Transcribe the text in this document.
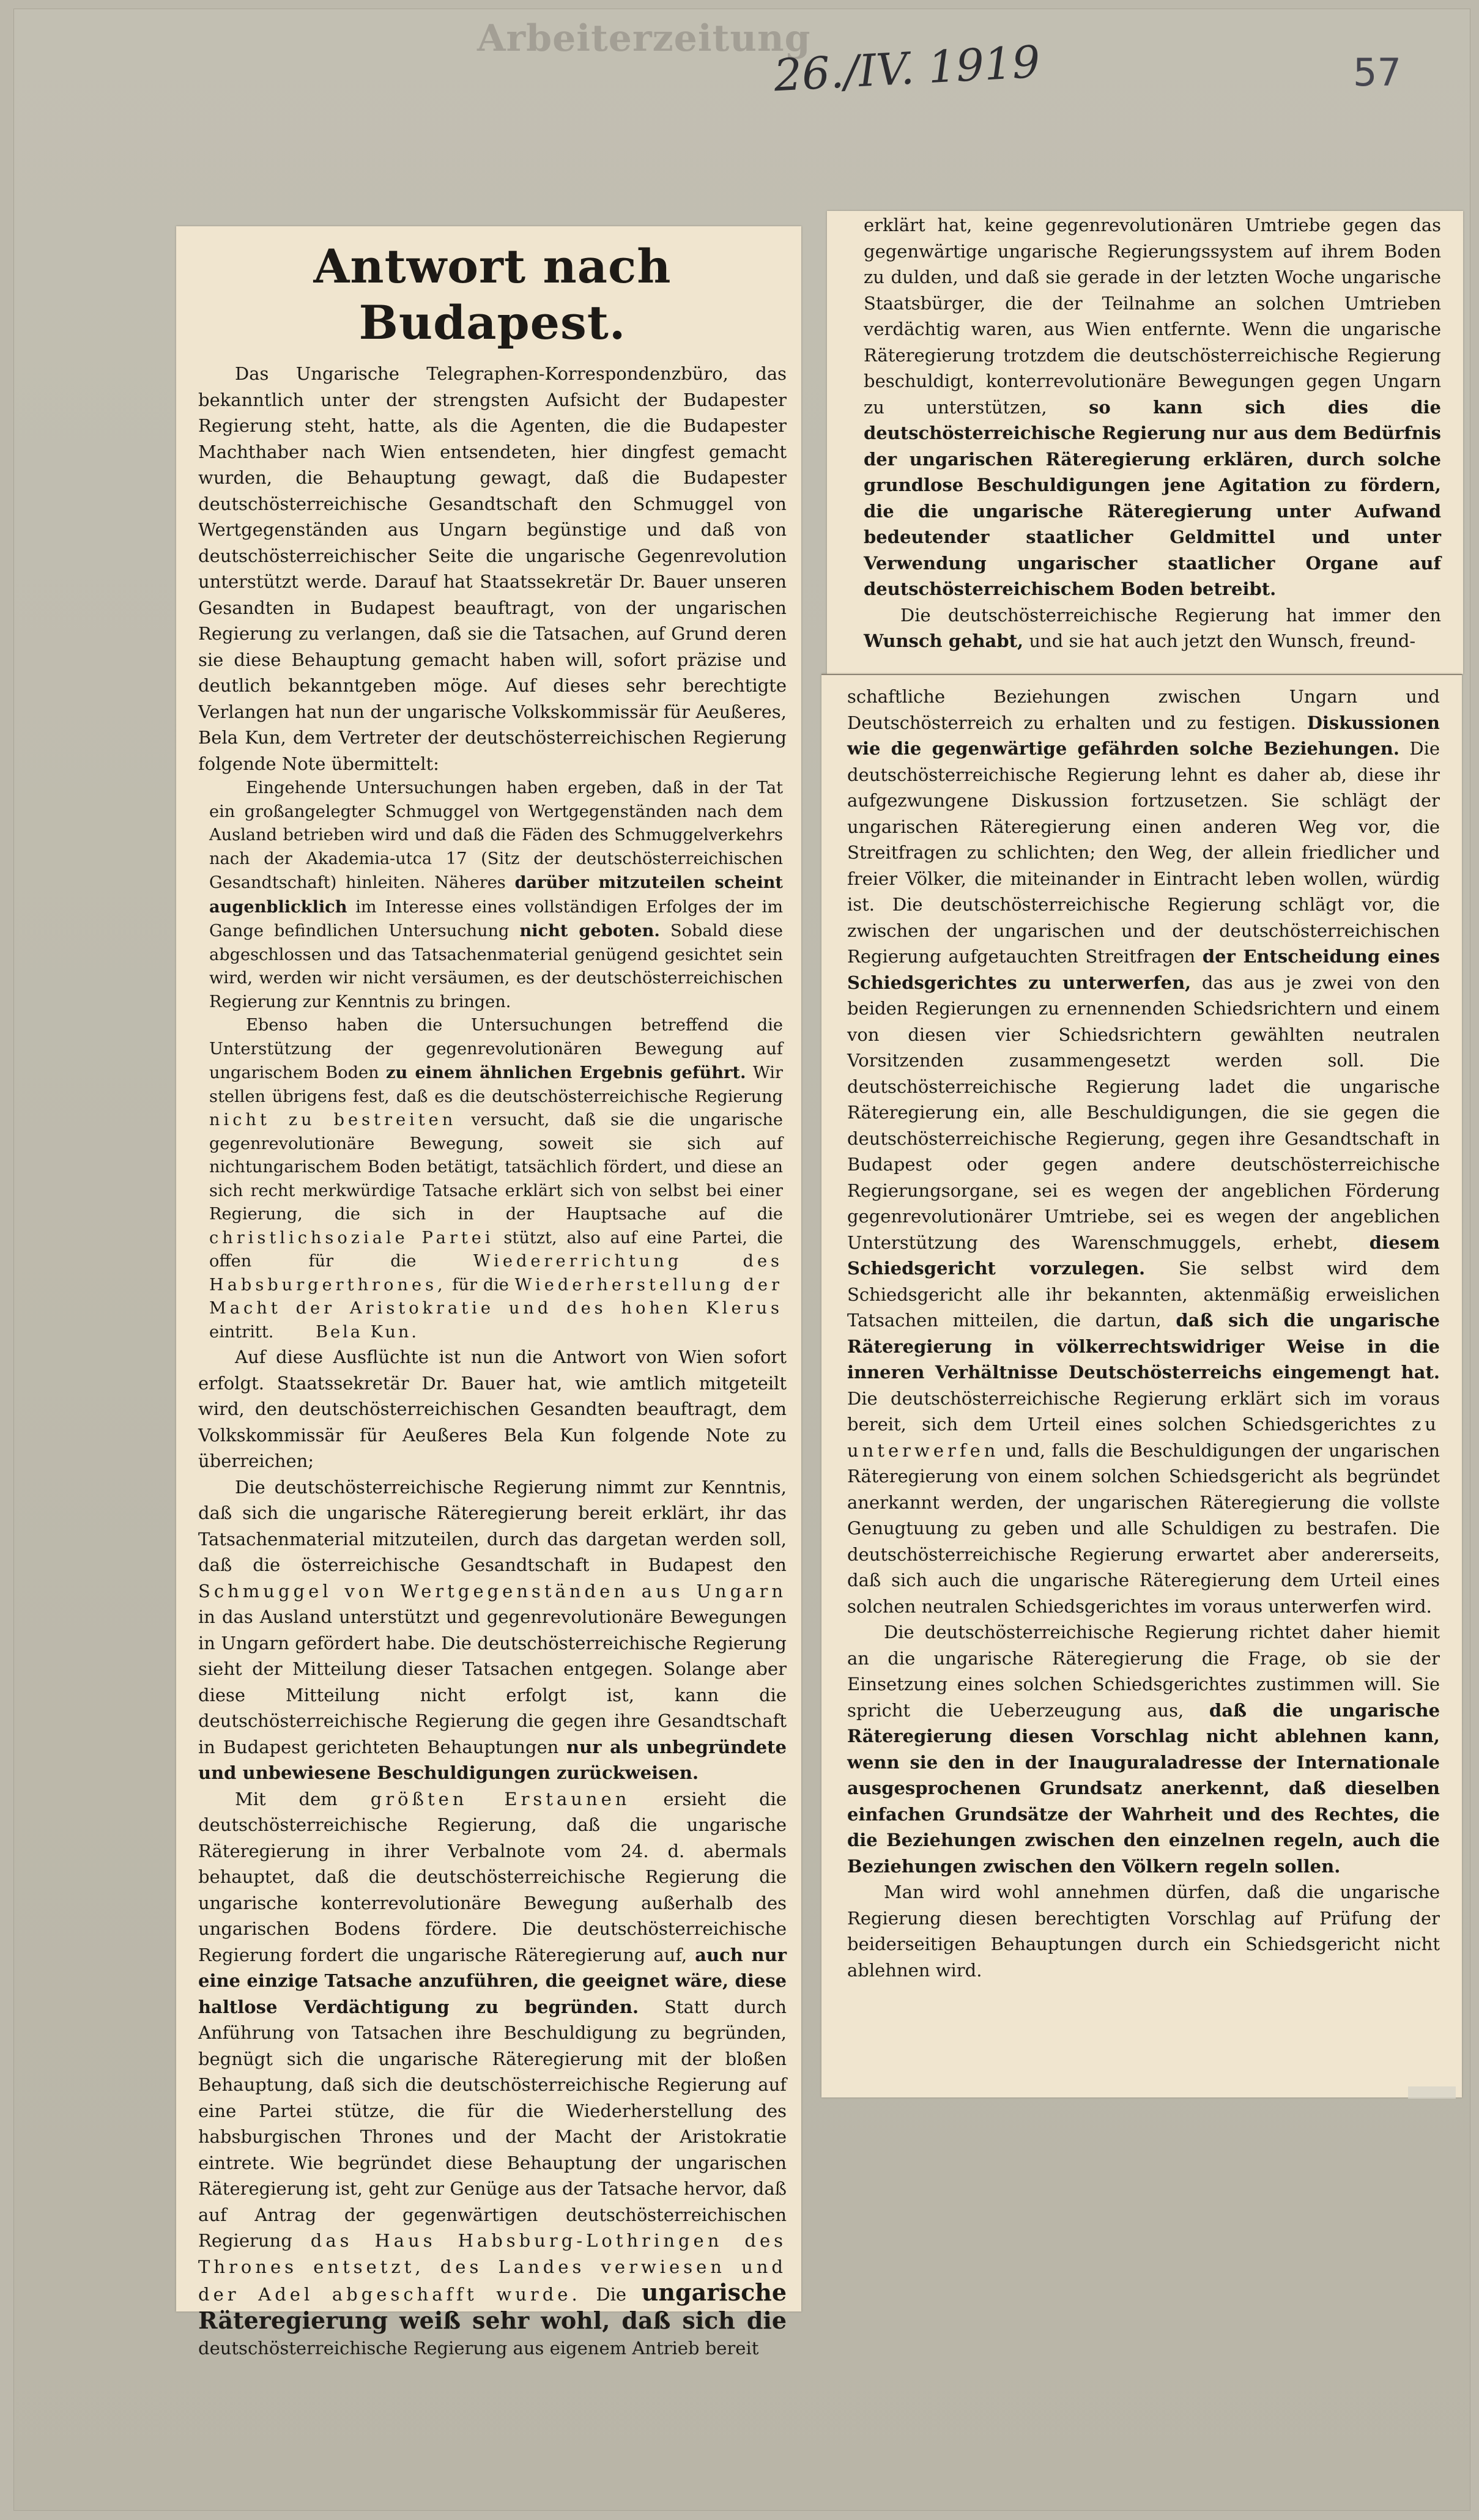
Arbeiterzeitung
26./IV. 1919	57
Antwort nach Budapest.

Das Ungarische Telegraphen-Korrespondenzbüro, das bekanntlich unter der strengsten Aufsicht der Budapester Regierung steht, hatte, als die Agenten, die die Budapester Machthaber nach Wien entsendeten, hier dingfest gemacht wurden, die Behauptung gewagt, daß die Budapester deutschösterreichische Gesandtschaft den Schmuggel von Wertgegenständen aus Ungarn begünstige und daß von deutschösterreichischer Seite die ungarische Gegenrevolution unterstützt werde. Darauf hat Staatssekretär Dr. Bauer unseren Gesandten in Budapest beauftragt, von der ungarischen Regierung zu verlangen, daß sie die Tatsachen, auf Grund deren sie diese Behauptung gemacht haben will, sofort präzise und deutlich bekanntgeben möge. Auf dieses sehr berechtigte Verlangen hat nun der ungarische Volkskommissär für Aeußeres, Bela Kun, dem Vertreter der deutschösterreichischen Regierung folgende Note übermittelt:

Eingehende Untersuchungen haben ergeben, daß in der Tat ein großangelegter Schmuggel von Wertgegenständen nach dem Ausland betrieben wird und daß die Fäden des Schmuggelverkehrs nach der Akademia-utca 17 (Sitz der deutschösterreichischen Gesandtschaft) hinleiten. Näheres darüber mitzuteilen scheint augenblicklich im Interesse eines vollständigen Erfolges der im Gange befindlichen Untersuchung nicht geboten. Sobald diese abgeschlossen und das Tatsachenmaterial genügend gesichtet sein wird, werden wir nicht versäumen, es der deutschösterreichischen Regierung zur Kenntnis zu bringen.

Ebenso haben die Untersuchungen betreffend die Unterstützung der gegenrevolutionären Bewegung auf ungarischem Boden zu einem ähnlichen Ergebnis geführt. Wir stellen übrigens fest, daß es die deutschösterreichische Regierung nicht zu bestreiten versucht, daß sie die ungarische gegenrevolutionäre Bewegung, soweit sie sich auf nichtungarischem Boden betätigt, tatsächlich fördert, und diese an sich recht merkwürdige Tatsache erklärt sich von selbst bei einer Regierung, die sich in der Hauptsache auf die christlichsoziale Partei stützt, also auf eine Partei, die offen für die	Wiedererrichtung des Habsburgerthrones, für die Wiederherstellung der Macht der Aristokratie und des hohen Klerus eintritt.	Bela Kun.

Auf diese Ausflüchte ist nun die Antwort von Wien sofort erfolgt. Staatssekretär Dr. Bauer hat, wie amtlich mitgeteilt wird, den deutschösterreichischen Gesandten beauftragt, dem Volkskommissär für Aeußeres Bela Kun folgende Note zu überreichen;

Die deutschösterreichische Regierung nimmt zur Kenntnis, daß sich die ungarische Räteregierung bereit erklärt, ihr das Tatsachenmaterial mitzuteilen, durch das dargetan werden soll, daß die österreichische Gesandtschaft in Budapest den Schmuggel von Wertgegenständen aus Ungarn in das Ausland unterstützt und gegenrevolutionäre Bewegungen in Ungarn gefördert habe. Die deutschösterreichische Regierung sieht der Mitteilung dieser Tatsachen entgegen. Solange aber diese Mitteilung nicht erfolgt ist, kann die deutschösterreichische Regierung die gegen ihre Gesandtschaft in Budapest gerichteten Behauptungen nur als unbegründete und unbewiesene Beschuldigungen zurückweisen.

Mit dem größten Erstaunen ersieht die deutschösterreichische Regierung, daß die ungarische Räteregierung in ihrer Verbalnote vom 24. d. abermals behauptet, daß die deutschösterreichische Regierung die ungarische konterrevolutionäre Bewegung außerhalb des ungarischen Bodens fördere. Die deutschösterreichische Regierung fordert die ungarische Räteregierung auf, auch nur eine einzige Tatsache anzuführen, die geeignet wäre, diese haltlose Verdächtigung zu begründen. Statt durch Anführung von Tatsachen ihre Beschuldigung zu begründen, begnügt sich die ungarische Räteregierung mit der bloßen Behauptung, daß sich die deutschösterreichische Regierung auf eine Partei stütze, die für die Wiederherstellung des habsburgischen Thrones und der Macht der Aristokratie eintrete. Wie begründet diese Behauptung der ungarischen Räteregierung ist, geht zur Genüge aus der Tatsache hervor, daß auf Antrag der gegenwärtigen deutschösterreichischen Regierung das Haus Habsburg-Lothringen des Thrones entsetzt, des Landes verwiesen und der Adel abgeschafft wurde. Die ungarische Räteregierung weiß sehr wohl, daß sich die deutschösterreichische Regierung aus eigenem Antrieb bereit

erklärt hat, keine gegenrevolutionären Umtriebe gegen das gegenwärtige ungarische Regierungssystem auf ihrem Boden zu dulden, und daß sie gerade in der letzten Woche ungarische Staatsbürger, die der Teilnahme an solchen Umtrieben verdächtig waren, aus Wien entfernte. Wenn die ungarische Räteregierung trotzdem die deutschösterreichische Regierung beschuldigt, konterrevolutionäre Bewegungen gegen Ungarn zu unterstützen, so kann sich dies die deutschösterreichische Regierung nur aus dem Bedürfnis der ungarischen Räteregierung erklären, durch solche grundlose Beschuldigungen jene Agitation zu fördern, die die ungarische Räteregierung unter Aufwand bedeutender staatlicher Geldmittel und unter Verwendung ungarischer staatlicher Organe auf deutschösterreichischem Boden betreibt.

Die deutschösterreichische Regierung hat immer den Wunsch gehabt, und sie hat auch jetzt den Wunsch, freund-

schaftliche Beziehungen zwischen Ungarn und Deutschösterreich zu erhalten und zu festigen. Diskussionen wie die gegenwärtige gefährden solche Beziehungen. Die deutschösterreichische Regierung lehnt es daher ab, diese ihr aufgezwungene Diskussion fortzusetzen. Sie schlägt der ungarischen Räteregierung einen anderen Weg vor, die Streitfragen zu schlichten; den Weg, der allein friedlicher und freier Völker, die miteinander in Eintracht leben wollen, würdig ist. Die deutschösterreichische Regierung schlägt vor, die zwischen der ungarischen und der deutschösterreichischen Regierung aufgetauchten Streitfragen der Entscheidung eines Schiedsgerichtes zu unterwerfen, das aus je zwei von den beiden Regierungen zu ernennenden Schiedsrichtern und einem von diesen vier Schiedsrichtern gewählten neutralen Vorsitzenden zusammengesetzt werden soll. Die deutschösterreichische Regierung ladet die ungarische Räteregierung ein, alle Beschuldigungen, die sie gegen die deutschösterreichische Regierung, gegen ihre Gesandtschaft in Budapest oder gegen andere deutschösterreichische Regierungsorgane, sei es wegen der angeblichen Förderung gegenrevolutionärer Umtriebe, sei es wegen der angeblichen Unterstützung des Warenschmuggels, erhebt, diesem Schiedsgericht vorzulegen. Sie selbst wird dem Schiedsgericht alle ihr bekannten, aktenmäßig erweislichen Tatsachen mitteilen, die dartun, daß sich die ungarische Räteregierung in völkerrechtswidriger Weise in die inneren Verhältnisse Deutschösterreichs eingemengt hat. Die deutschösterreichische Regierung erklärt sich im voraus bereit, sich dem Urteil eines solchen Schiedsgerichtes zu unterwerfen und, falls die Beschuldigungen der ungarischen Räteregierung von einem solchen Schiedsgericht als begründet anerkannt werden, der ungarischen Räteregierung die vollste Genugtuung zu geben und alle Schuldigen zu bestrafen. Die deutschösterreichische Regierung erwartet aber andererseits, daß sich auch die ungarische Räteregierung dem Urteil eines solchen neutralen Schiedsgerichtes im voraus unterwerfen wird.

Die deutschösterreichische Regierung richtet daher hiemit an die ungarische Räteregierung die Frage, ob sie der Einsetzung eines solchen Schiedsgerichtes zustimmen will. Sie spricht die Ueberzeugung aus, daß die ungarische Räteregierung diesen Vorschlag nicht ablehnen kann, wenn sie den in der Inauguraladresse der Internationale ausgesprochenen Grundsatz anerkennt, daß dieselben einfachen Grundsätze der Wahrheit und des Rechtes, die die Beziehungen zwischen den einzelnen regeln, auch die Beziehungen zwischen den Völkern regeln sollen.

Man wird wohl annehmen dürfen, daß die ungarische Regierung diesen berechtigten Vorschlag auf Prüfung der beiderseitigen Behauptungen durch ein Schiedsgericht nicht ablehnen wird.
